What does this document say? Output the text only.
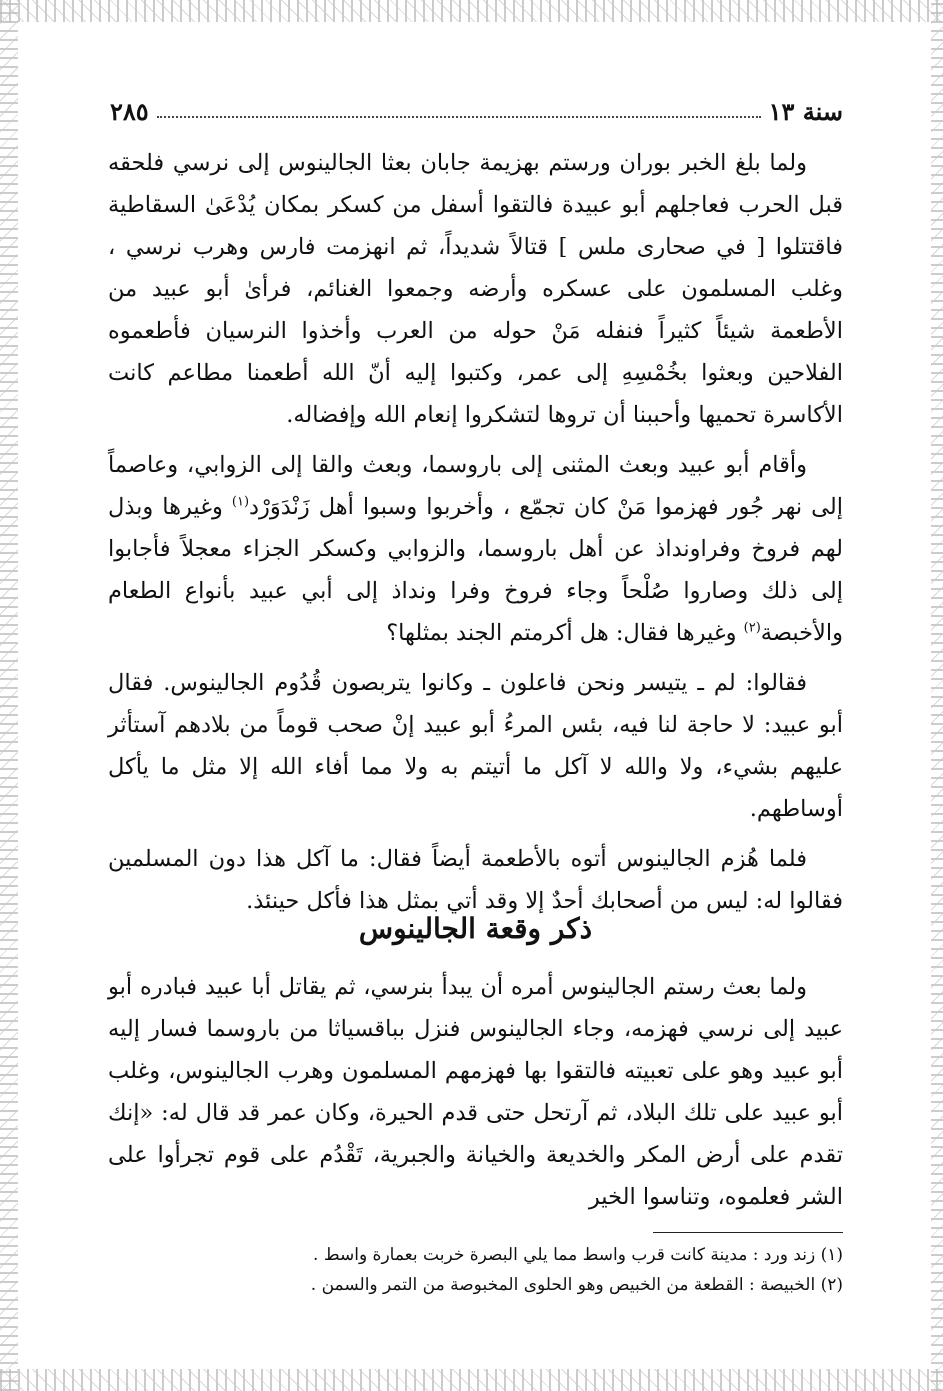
سنة ١٣
٢٨٥

ولما بلغ الخبر بوران ورستم بهزيمة جابان بعثا الجالينوس إلى نرسي فلحقه قبل الحرب فعاجلهم أبو عبيدة فالتقوا أسفل من كسكر بمكان يُدْعَىٰ السقاطية فاقتتلوا [ في صحارى ملس ] قتالاً شديداً، ثم انهزمت فارس وهرب نرسي ، وغلب المسلمون على عسكره وأرضه وجمعوا الغنائم، فرأىٰ أبو عبيد من الأطعمة شيئاً كثيراً فنفله مَنْ حوله من العرب وأخذوا النرسيان فأطعموه الفلاحين وبعثوا بخُمْسِهِ إلى عمر، وكتبوا إليه أنّ الله أطعمنا مطاعم كانت الأكاسرة تحميها وأحببنا أن تروها لتشكروا إنعام الله وإفضاله.

وأقام أبو عبيد وبعث المثنى إلى باروسما، وبعث والقا إلى الزوابي، وعاصماً إلى نهر جُور فهزموا مَنْ كان تجمّع ، وأخربوا وسبوا أهل زَنْدَوَرْد$^{(١)}$ وغيرها وبذل لهم فروخ وفراونداذ عن أهل باروسما، والزوابي وكسكر الجزاء معجلاً فأجابوا إلى ذلك وصاروا صُلْحاً وجاء فروخ وفرا ونداذ إلى أبي عبيد بأنواع الطعام والأخبصة$^{(٢)}$ وغيرها فقال: هل أكرمتم الجند بمثلها؟

فقالوا: لم ـ يتيسر ونحن فاعلون ـ وكانوا يتربصون قُدُوم الجالينوس. فقال أبو عبيد: لا حاجة لنا فيه، بئس المرءُ أبو عبيد إنْ صحب قوماً من بلادهم آستأثر عليهم بشيء، ولا والله لا آكل ما أتيتم به ولا مما أفاء الله إلا مثل ما يأكل أوساطهم.

فلما هُزم الجالينوس أتوه بالأطعمة أيضاً فقال: ما آكل هذا دون المسلمين فقالوا له: ليس من أصحابك أحدٌ إلا وقد أتي بمثل هذا فأكل حينئذ.

ذكر وقعة الجالينوس

ولما بعث رستم الجالينوس أمره أن يبدأ بنرسي، ثم يقاتل أبا عبيد فبادره أبو عبيد إلى نرسي فهزمه، وجاء الجالينوس فنزل بباقسياثا من باروسما فسار إليه أبو عبيد وهو على تعبيته فالتقوا بها فهزمهم المسلمون وهرب الجالينوس، وغلب أبو عبيد على تلك البلاد، ثم آرتحل حتى قدم الحيرة، وكان عمر قد قال له: «إنك تقدم على أرض المكر والخديعة والخيانة والجبرية، تَقْدُم على قوم تجرأوا على الشر فعلموه، وتناسوا الخير

(١) زند ورد : مدينة كانت قرب واسط مما يلي البصرة خربت بعمارة واسط .
(٢) الخبيصة : القطعة من الخبيص وهو الحلوى المخبوصة من التمر والسمن .
